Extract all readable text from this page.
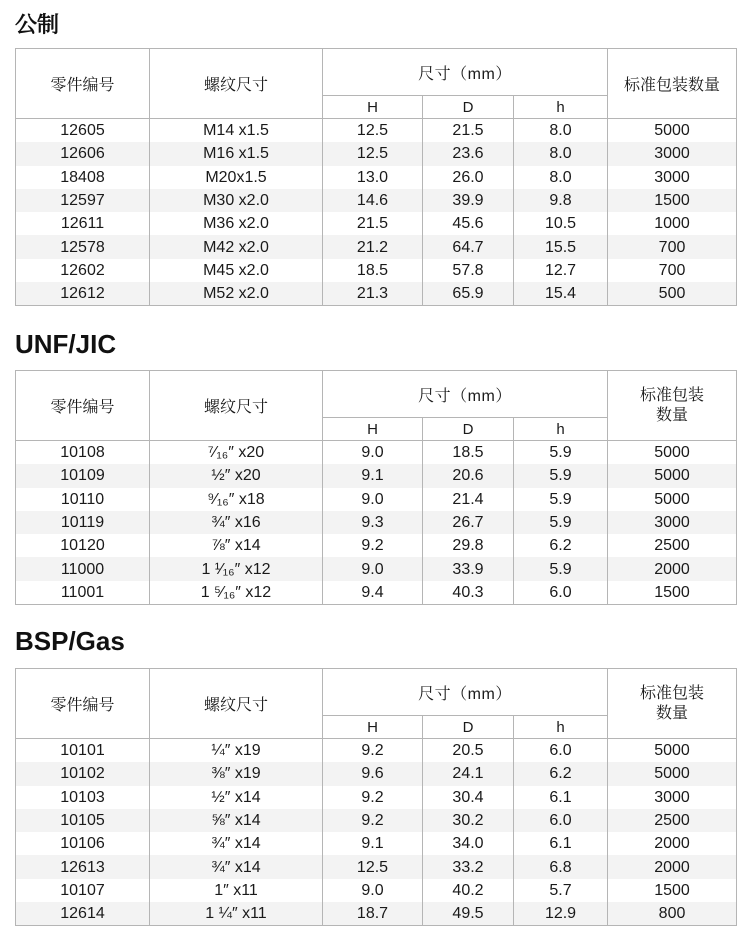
公制
零件编号	螺纹尺寸	尺寸（mm）			标准包装数量
		H	D	h	
12605	M14 x1.5	12.5	21.5	8.0	5000
12606	M16 x1.5	12.5	23.6	8.0	3000
18408	M20x1.5	13.0	26.0	8.0	3000
12597	M30 x2.0	14.6	39.9	9.8	1500
12611	M36 x2.0	21.5	45.6	10.5	1000
12578	M42 x2.0	21.2	64.7	15.5	700
12602	M45 x2.0	18.5	57.8	12.7	700
12612	M52 x2.0	21.3	65.9	15.4	500
UNF/JIC
零件编号	螺纹尺寸	尺寸（mm）			标准包装
数量

		H	D	h	
10108	⁷⁄₁₆″ x20	9.0	18.5	5.9	5000
10109	½″ x20	9.1	20.6	5.9	5000
10110	⁹⁄₁₆″ x18	9.0	21.4	5.9	5000
10119	¾″ x16	9.3	26.7	5.9	3000
10120	⅞″ x14	9.2	29.8	6.2	2500
11000	1 ¹⁄₁₆″ x12	9.0	33.9	5.9	2000
11001	1 ⁵⁄₁₆″ x12	9.4	40.3	6.0	1500
BSP/Gas
零件编号	螺纹尺寸	尺寸（mm）			标准包装
数量

		H	D	h	
10101	¼″ x19	9.2	20.5	6.0	5000
10102	⅜″ x19	9.6	24.1	6.2	5000
10103	½″ x14	9.2	30.4	6.1	3000
10105	⅝″ x14	9.2	30.2	6.0	2500
10106	¾″ x14	9.1	34.0	6.1	2000
12613	¾″ x14	12.5	33.2	6.8	2000
10107	1″ x11	9.0	40.2	5.7	1500
12614	1 ¼″ x11	18.7	49.5	12.9	800
